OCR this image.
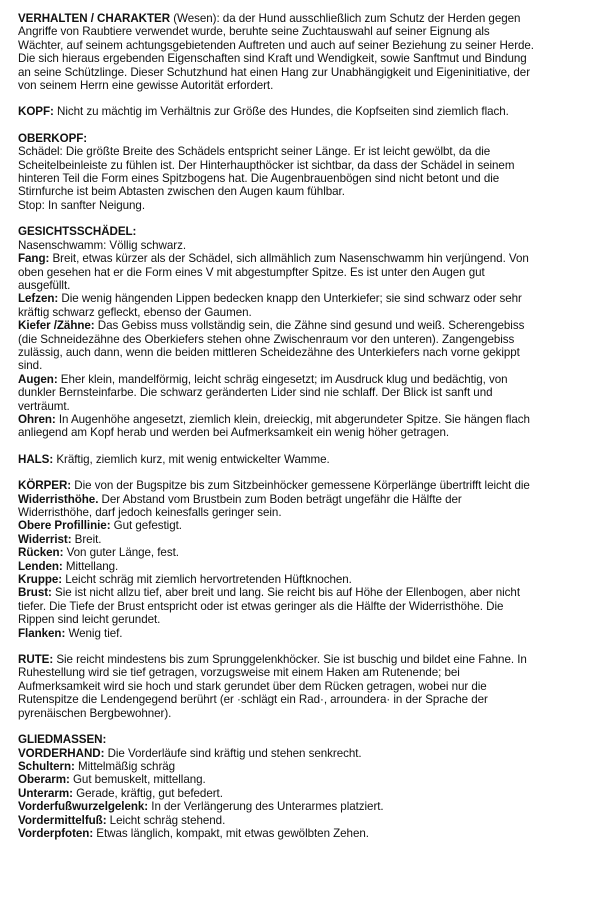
VERHALTEN / CHARAKTER (Wesen): da der Hund ausschließlich zum Schutz der Herden gegen
Angriffe von Raubtiere verwendet wurde, beruhte seine Zuchtauswahl auf seiner Eignung als
Wächter, auf seinem achtungsgebietenden Auftreten und auch auf seiner Beziehung zu seiner Herde.
Die sich hieraus ergebenden Eigenschaften sind Kraft und Wendigkeit, sowie Sanftmut und Bindung
an seine Schützlinge. Dieser Schutzhund hat einen Hang zur Unabhängigkeit und Eigeninitiative, der
von seinem Herrn eine gewisse Autorität erfordert.
KOPF: Nicht zu mächtig im Verhältnis zur Größe des Hundes, die Kopfseiten sind ziemlich flach.
OBERKOPF:
Schädel: Die größte Breite des Schädels entspricht seiner Länge. Er ist leicht gewölbt, da die
Scheitelbeinleiste zu fühlen ist. Der Hinterhaupthöcker ist sichtbar, da dass der Schädel in seinem
hinteren Teil die Form eines Spitzbogens hat. Die Augenbrauenbögen sind nicht betont und die
Stirnfurche ist beim Abtasten zwischen den Augen kaum fühlbar.
Stop: In sanfter Neigung.
GESICHTSSCHÄDEL:
Nasenschwamm: Völlig schwarz.
Fang: Breit, etwas kürzer als der Schädel, sich allmählich zum Nasenschwamm hin verjüngend. Von
oben gesehen hat er die Form eines V mit abgestumpfter Spitze. Es ist unter den Augen gut
ausgefüllt.
Lefzen: Die wenig hängenden Lippen bedecken knapp den Unterkiefer; sie sind schwarz oder sehr
kräftig schwarz gefleckt, ebenso der Gaumen.
Kiefer /Zähne: Das Gebiss muss vollständig sein, die Zähne sind gesund und weiß. Scherengebiss
(die Schneidezähne des Oberkiefers stehen ohne Zwischenraum vor den unteren). Zangengebiss
zulässig, auch dann, wenn die beiden mittleren Scheidezähne des Unterkiefers nach vorne gekippt
sind.
Augen: Eher klein, mandelförmig, leicht schräg eingesetzt; im Ausdruck klug und bedächtig, von
dunkler Bernsteinfarbe. Die schwarz geränderten Lider sind nie schlaff. Der Blick ist sanft und
verträumt.
Ohren: In Augenhöhe angesetzt, ziemlich klein, dreieckig, mit abgerundeter Spitze. Sie hängen flach
anliegend am Kopf herab und werden bei Aufmerksamkeit ein wenig höher getragen.
HALS: Kräftig, ziemlich kurz, mit wenig entwickelter Wamme.
KÖRPER: Die von der Bugspitze bis zum Sitzbeinhöcker gemessene Körperlänge übertrifft leicht die
Widerristhöhe. Der Abstand vom Brustbein zum Boden beträgt ungefähr die Hälfte der
Widerristhöhe, darf jedoch keinesfalls geringer sein.
Obere Profillinie: Gut gefestigt.
Widerrist: Breit.
Rücken: Von guter Länge, fest.
Lenden: Mittellang.
Kruppe: Leicht schräg mit ziemlich hervortretenden Hüftknochen.
Brust: Sie ist nicht allzu tief, aber breit und lang. Sie reicht bis auf Höhe der Ellenbogen, aber nicht
tiefer. Die Tiefe der Brust entspricht oder ist etwas geringer als die Hälfte der Widerristhöhe. Die
Rippen sind leicht gerundet.
Flanken: Wenig tief.
RUTE: Sie reicht mindestens bis zum Sprunggelenkhöcker. Sie ist buschig und bildet eine Fahne. In
Ruhestellung wird sie tief getragen, vorzugsweise mit einem Haken am Rutenende; bei
Aufmerksamkeit wird sie hoch und stark gerundet über dem Rücken getragen, wobei nur die
Rutenspitze die Lendengegend berührt (er ·schlägt ein Rad·, arroundera· in der Sprache der
pyrenäischen Bergbewohner).
GLIEDMASSEN:
VORDERHAND: Die Vorderläufe sind kräftig und stehen senkrecht.
Schultern: Mittelmäßig schräg
Oberarm: Gut bemuskelt, mittellang.
Unterarm: Gerade, kräftig, gut befedert.
Vorderfußwurzelgelenk: In der Verlängerung des Unterarmes platziert.
Vordermittelfuß: Leicht schräg stehend.
Vorderpfoten: Etwas länglich, kompakt, mit etwas gewölbten Zehen.
